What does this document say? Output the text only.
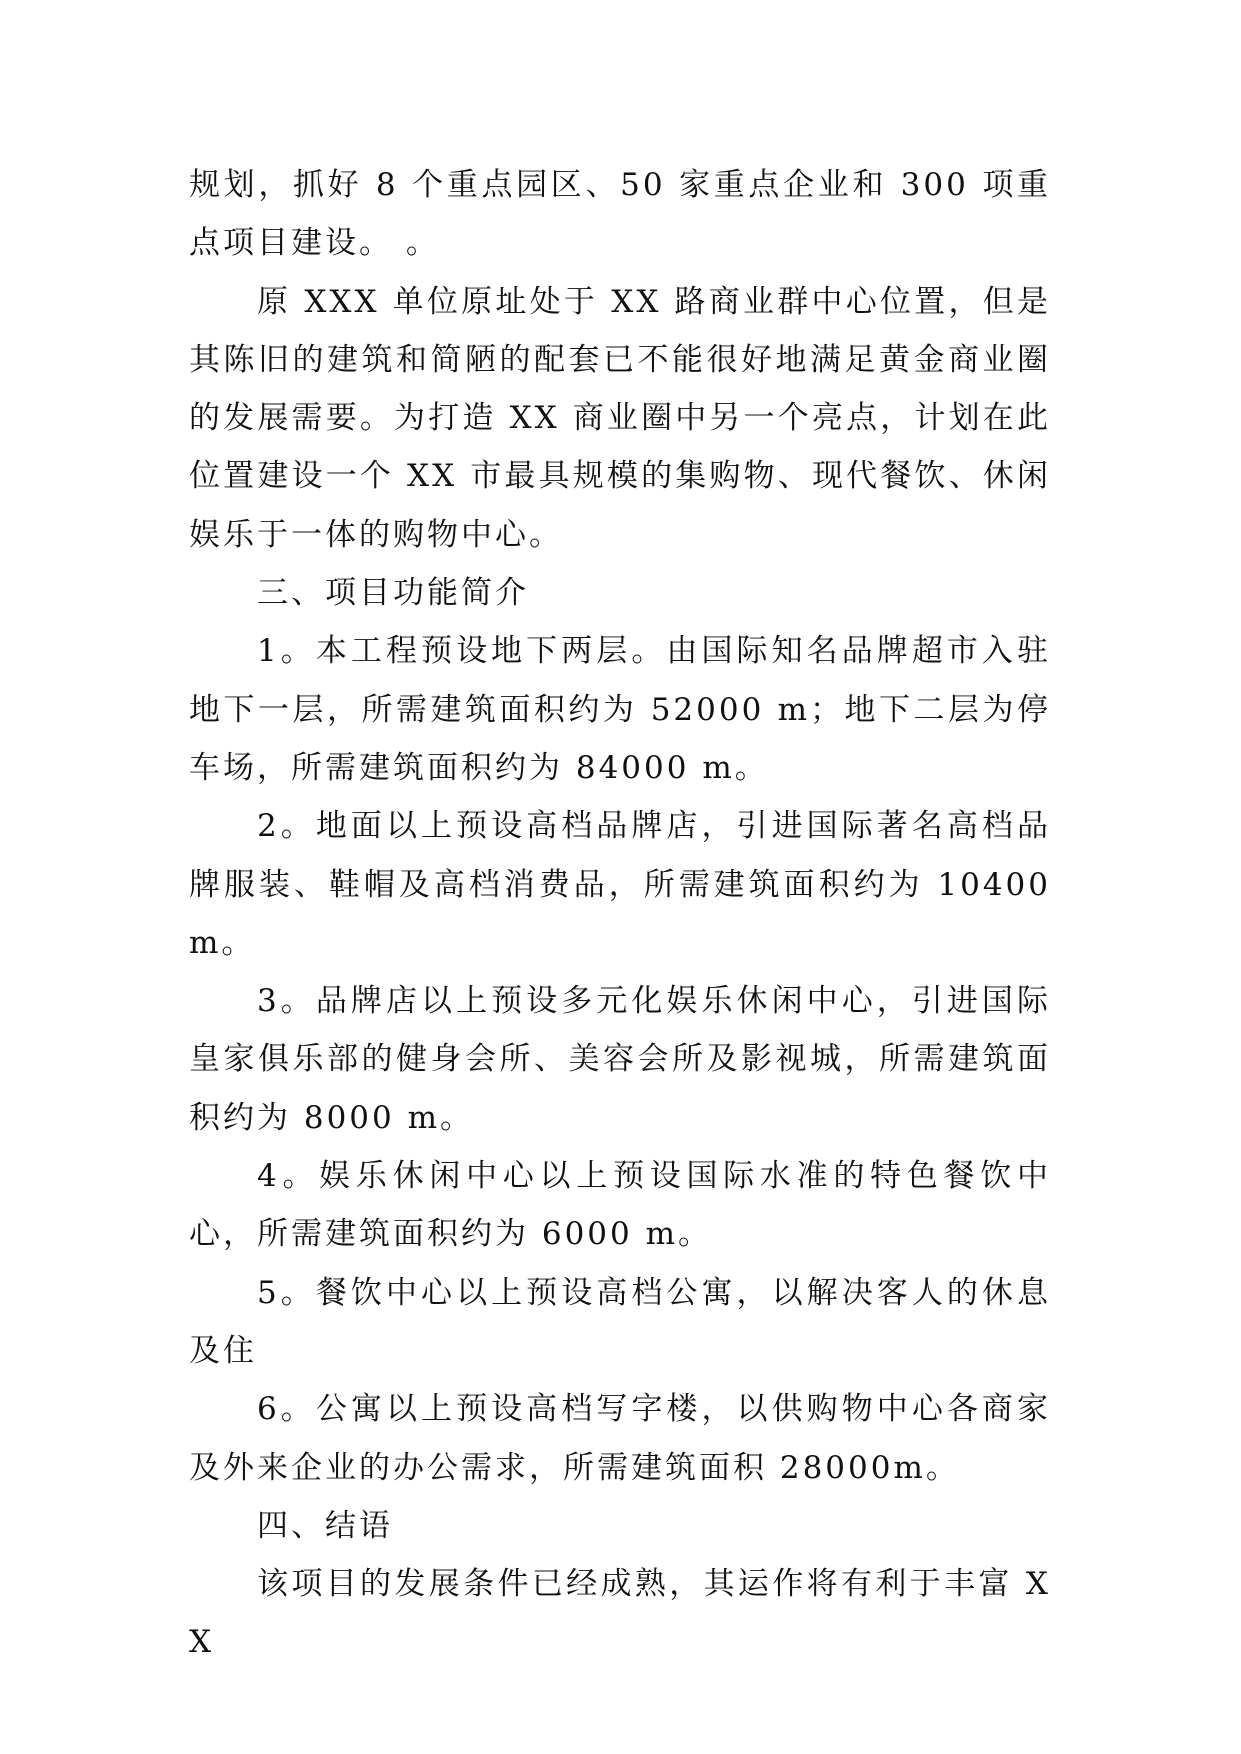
规划，抓好 8 个重点园区、50 家重点企业和 300 项重点项目建设。 。

原 XXX 单位原址处于 XX 路商业群中心位置，但是其陈旧的建筑和简陋的配套已不能很好地满足黄金商业圈的发展需要。为打造 XX 商业圈中另一个亮点，计划在此位置建设一个 XX 市最具规模的集购物、现代餐饮、休闲娱乐于一体的购物中心。

三、项目功能简介

1。本工程预设地下两层。由国际知名品牌超市入驻地下一层，所需建筑面积约为 52000 m；地下二层为停车场，所需建筑面积约为 84000 m。

2。地面以上预设高档品牌店，引进国际著名高档品牌服装、鞋帽及高档消费品，所需建筑面积约为 10400 m。

3。品牌店以上预设多元化娱乐休闲中心，引进国际皇家俱乐部的健身会所、美容会所及影视城，所需建筑面积约为 8000 m。

4。娱乐休闲中心以上预设国际水准的特色餐饮中心，所需建筑面积约为 6000 m。

5。餐饮中心以上预设高档公寓，以解决客人的休息及住

6。公寓以上预设高档写字楼，以供购物中心各商家及外来企业的办公需求，所需建筑面积 28000m。

四、结语

该项目的发展条件已经成熟，其运作将有利于丰富 XX
